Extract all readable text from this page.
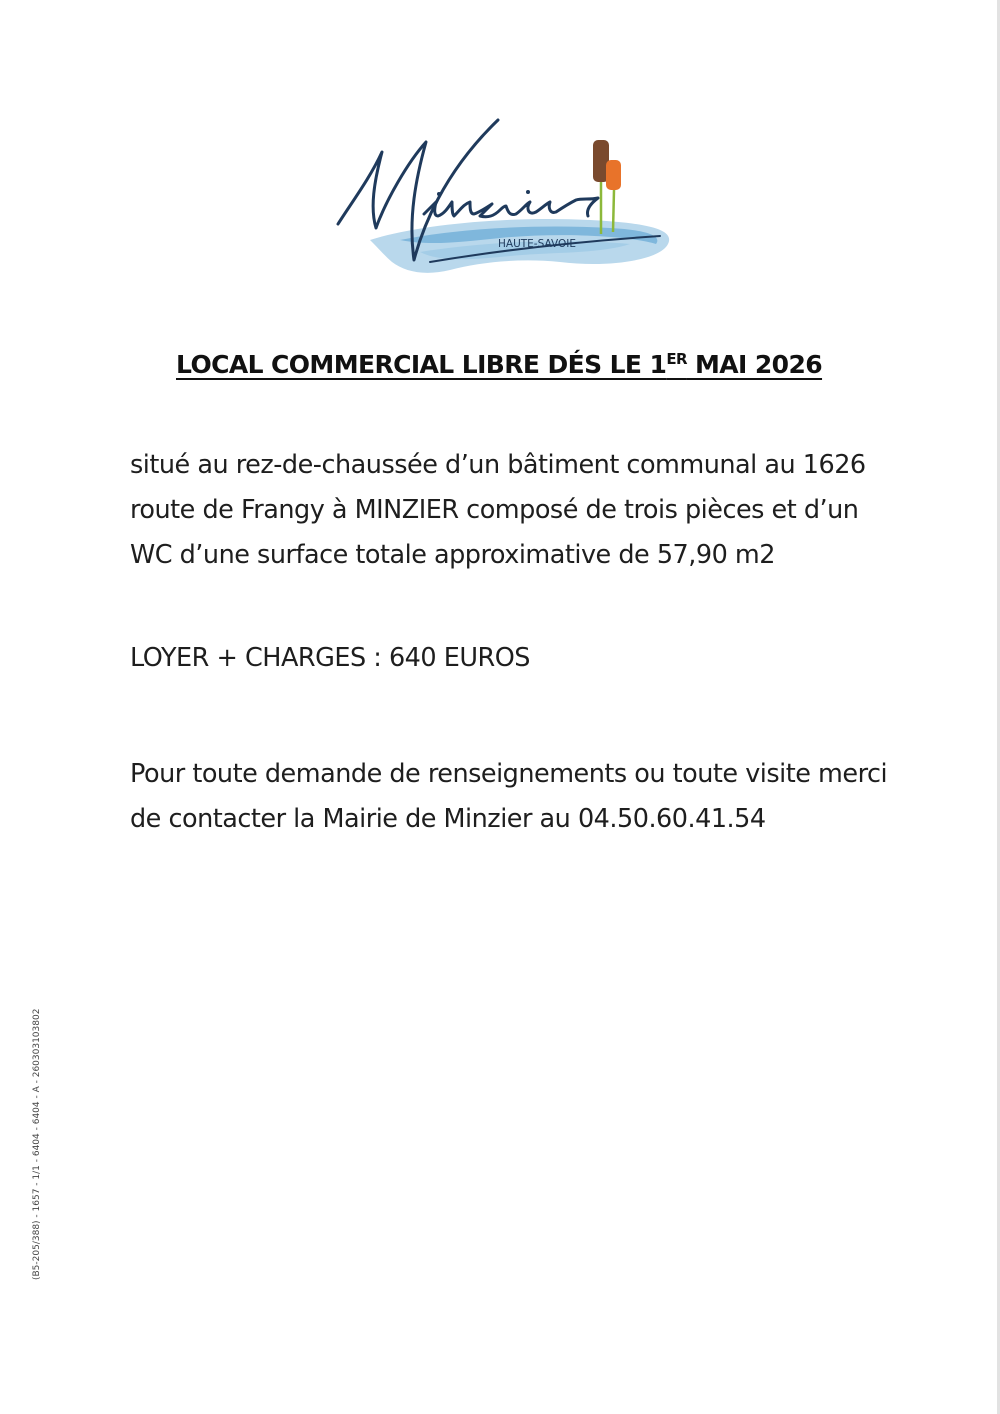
HAUTE-SAVOIE
LOCAL COMMERCIAL LIBRE DÉS LE 1ER MAI 2026
situé au rez-de-chaussée d’un bâtiment communal au 1626 route de Frangy à MINZIER composé de trois pièces et d’un WC d’une surface totale approximative de 57,90 m2
LOYER + CHARGES : 640 EUROS
Pour toute demande de renseignements ou toute visite merci de contacter la Mairie de Minzier au 04.50.60.41.54
(B5-205/388) - 1657 - 1/1 - 6404 - 6404 - A - 260303103802
